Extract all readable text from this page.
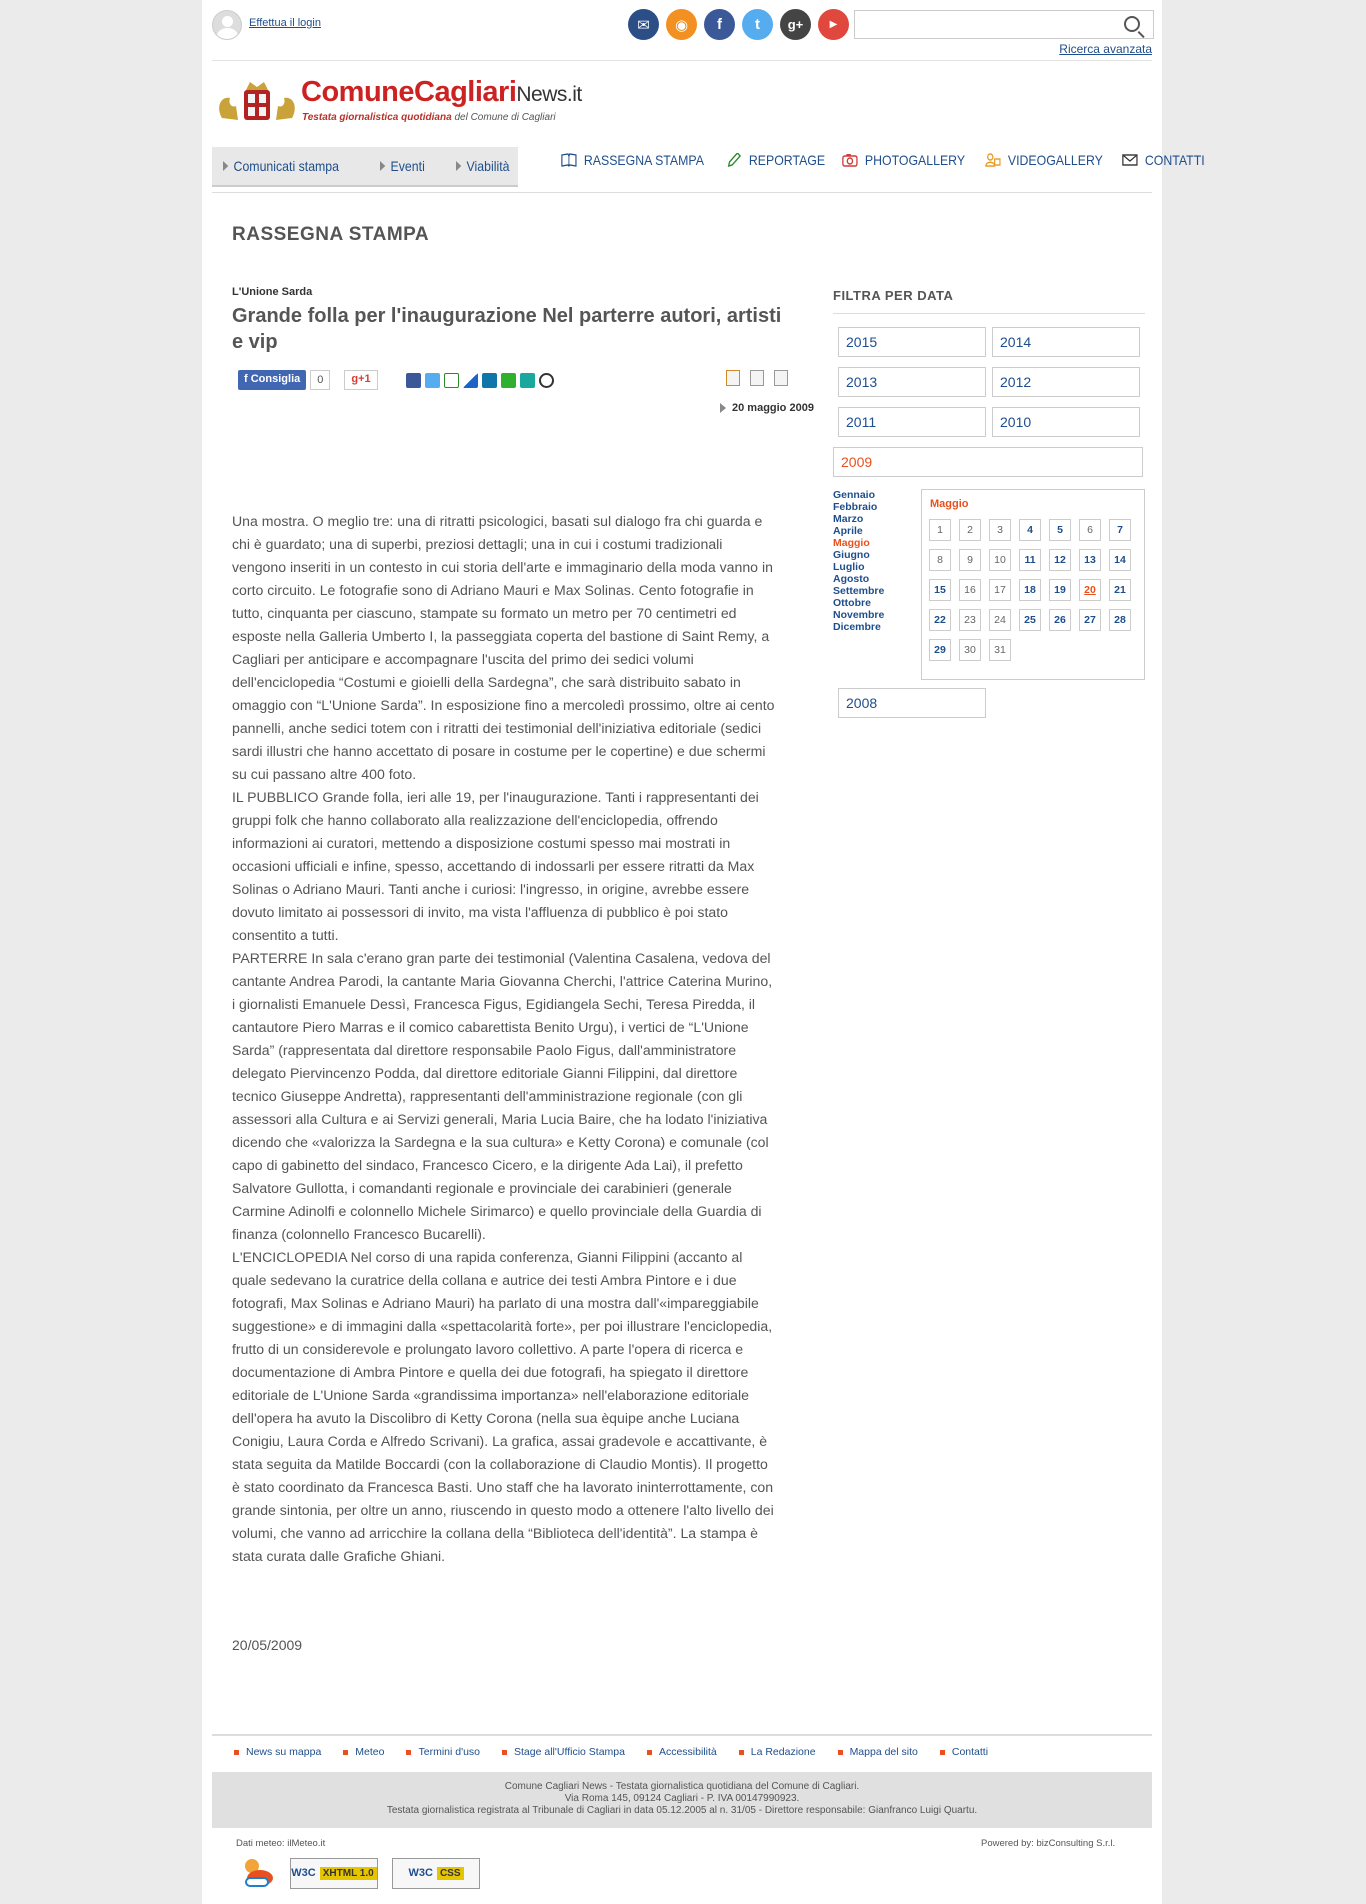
Effettua il login	✉	◉	f	t	g+	▶
Ricerca avanzata
ComuneCagliariNews.it
Testata giornalistica quotidiana del Comune di Cagliari
Comunicati stampa	Eventi	Viabilità	RASSEGNA STAMPA	REPORTAGE	PHOTOGALLERY	VIDEOGALLERY	CONTATTI
RASSEGNA STAMPA
L'Unione Sarda
Grande folla per l'inaugurazione Nel parterre autori, artisti e vip
f Consiglia	0	g+1
20 maggio 2009

Una mostra. O meglio tre: una di ritratti psicologici, basati sul dialogo fra chi guarda e chi è guardato; una di superbi, preziosi dettagli; una in cui i costumi tradizionali vengono inseriti in un contesto in cui storia dell'arte e immaginario della moda vanno in corto circuito. Le fotografie sono di Adriano Mauri e Max Solinas. Cento fotografie in tutto, cinquanta per ciascuno, stampate su formato un metro per 70 centimetri ed esposte nella Galleria Umberto I, la passeggiata coperta del bastione di Saint Remy, a Cagliari per anticipare e accompagnare l'uscita del primo dei sedici volumi dell'enciclopedia “Costumi e gioielli della Sardegna”, che sarà distribuito sabato in omaggio con “L'Unione Sarda”. In esposizione fino a mercoledì prossimo, oltre ai cento pannelli, anche sedici totem con i ritratti dei testimonial dell'iniziativa editoriale (sedici sardi illustri che hanno accettato di posare in costume per le copertine) e due schermi su cui passano altre 400 foto.

IL PUBBLICO Grande folla, ieri alle 19, per l'inaugurazione. Tanti i rappresentanti dei gruppi folk che hanno collaborato alla realizzazione dell'enciclopedia, offrendo informazioni ai curatori, mettendo a disposizione costumi spesso mai mostrati in occasioni ufficiali e infine, spesso, accettando di indossarli per essere ritratti da Max Solinas o Adriano Mauri. Tanti anche i curiosi: l'ingresso, in origine, avrebbe essere dovuto limitato ai possessori di invito, ma vista l'affluenza di pubblico è poi stato consentito a tutti.

PARTERRE In sala c'erano gran parte dei testimonial (Valentina Casalena, vedova del cantante Andrea Parodi, la cantante Maria Giovanna Cherchi, l'attrice Caterina Murino, i giornalisti Emanuele Dessì, Francesca Figus, Egidiangela Sechi, Teresa Piredda, il cantautore Piero Marras e il comico cabarettista Benito Urgu), i vertici de “L'Unione Sarda” (rappresentata dal direttore responsabile Paolo Figus, dall'amministratore delegato Piervincenzo Podda, dal direttore editoriale Gianni Filippini, dal direttore tecnico Giuseppe Andretta), rappresentanti dell'amministrazione regionale (con gli assessori alla Cultura e ai Servizi generali, Maria Lucia Baire, che ha lodato l'iniziativa dicendo che «valorizza la Sardegna e la sua cultura» e Ketty Corona) e comunale (col capo di gabinetto del sindaco, Francesco Cicero, e la dirigente Ada Lai), il prefetto Salvatore Gullotta, i comandanti regionale e provinciale dei carabinieri (generale Carmine Adinolfi e colonnello Michele Sirimarco) e quello provinciale della Guardia di finanza (colonnello Francesco Bucarelli).

L'ENCICLOPEDIA Nel corso di una rapida conferenza, Gianni Filippini (accanto al quale sedevano la curatrice della collana e autrice dei testi Ambra Pintore e i due fotografi, Max Solinas e Adriano Mauri) ha parlato di una mostra dall'«impareggiabile suggestione» e di immagini dalla «spettacolarità forte», per poi illustrare l'enciclopedia, frutto di un considerevole e prolungato lavoro collettivo. A parte l'opera di ricerca e documentazione di Ambra Pintore e quella dei due fotografi, ha spiegato il direttore editoriale de L'Unione Sarda «grandissima importanza» nell'elaborazione editoriale dell'opera ha avuto la Discolibro di Ketty Corona (nella sua èquipe anche Luciana Conigiu, Laura Corda e Alfredo Scrivani). La grafica, assai gradevole e accattivante, è stata seguita da Matilde Boccardi (con la collaborazione di Claudio Montis). Il progetto è stato coordinato da Francesca Basti. Uno staff che ha lavorato ininterrottamente, con grande sintonia, per oltre un anno, riuscendo in questo modo a ottenere l'alto livello dei volumi, che vanno ad arricchire la collana della “Biblioteca dell'identità”. La stampa è stata curata dalle Grafiche Ghiani.

20/05/2009
FILTRA PER DATA
2015	2014
2013	2012
2011	2010
2009
Gennaio
Febbraio
Marzo
Aprile
Maggio
Giugno
Luglio
Agosto
Settembre
Ottobre
Novembre
Dicembre
Maggio
1	2	3	4	5	6	7
8	9	10	11	12	13	14
15	16	17	18	19	20	21
22	23	24	25	26	27	28
29	30	31
2008
News su mappa	Meteo	Termini d'uso	Stage all'Ufficio Stampa	Accessibilità	La Redazione	Mappa del sito	Contatti
Comune Cagliari News - Testata giornalistica quotidiana del Comune di Cagliari.
Via Roma 145, 09124 Cagliari - P. IVA 00147990923.
Testata giornalistica registrata al Tribunale di Cagliari in data 05.12.2005 al n. 31/05 - Direttore responsabile: Gianfranco Luigi Quartu.
Dati meteo: ilMeteo.it	Powered by: bizConsulting S.r.l.
W3C XHTML 1.0	W3C CSS
